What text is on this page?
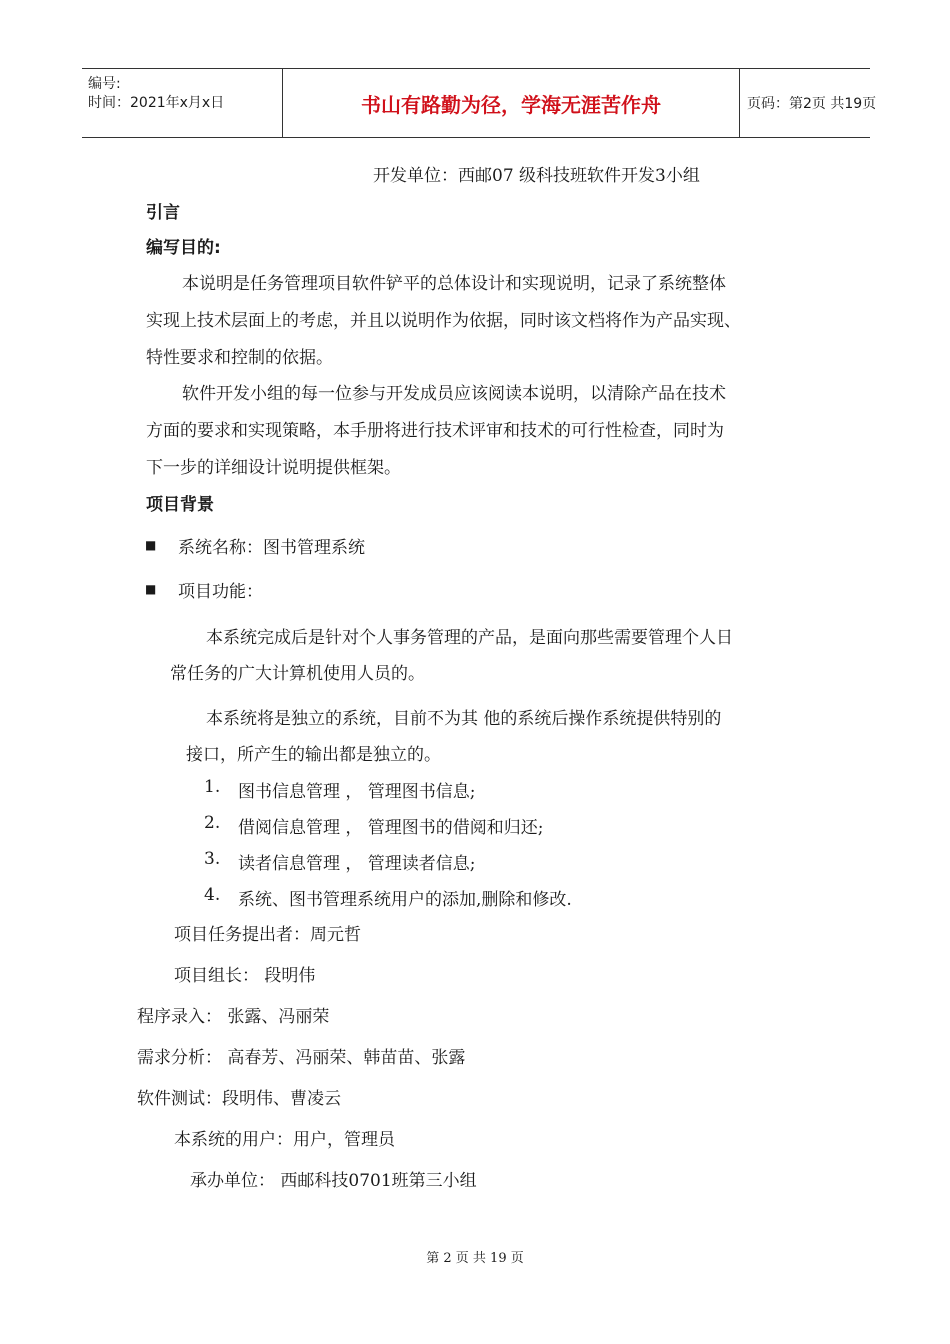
编号:
时间：2021年x月x日	书山有路勤为径，学海无涯苦作舟	页码：第2页 共19页
开发单位：西邮07 级科技班软件开发3小组
引言
编写目的:
本说明是任务管理项目软件铲平的总体设计和实现说明，记录了系统整体
实现上技术层面上的考虑，并且以说明作为依据，同时该文档将作为产品实现、
特性要求和控制的依据。
软件开发小组的每一位参与开发成员应该阅读本说明，以清除产品在技术
方面的要求和实现策略，本手册将进行技术评审和技术的可行性检查，同时为
下一步的详细设计说明提供框架。
项目背景
■ 系统名称：图书管理系统
■ 项目功能：
本系统完成后是针对个人事务管理的产品，是面向那些需要管理个人日
常任务的广大计算机使用人员的。
本系统将是独立的系统，目前不为其 他的系统后操作系统提供特别的
接口，所产生的输出都是独立的。
1. 图书信息管理 ， 管理图书信息;
2. 借阅信息管理 ， 管理图书的借阅和归还;
3. 读者信息管理 ， 管理读者信息;
4. 系统、图书管理系统用户的添加,删除和修改.
项目任务提出者：周元哲
项目组长： 段明伟
程序录入： 张露、冯丽荣
需求分析： 高春芳、冯丽荣、韩苗苗、张露
软件测试：段明伟、曹凌云
本系统的用户：用户，管理员
承办单位： 西邮科技0701班第三小组
第 2 页 共 19 页
